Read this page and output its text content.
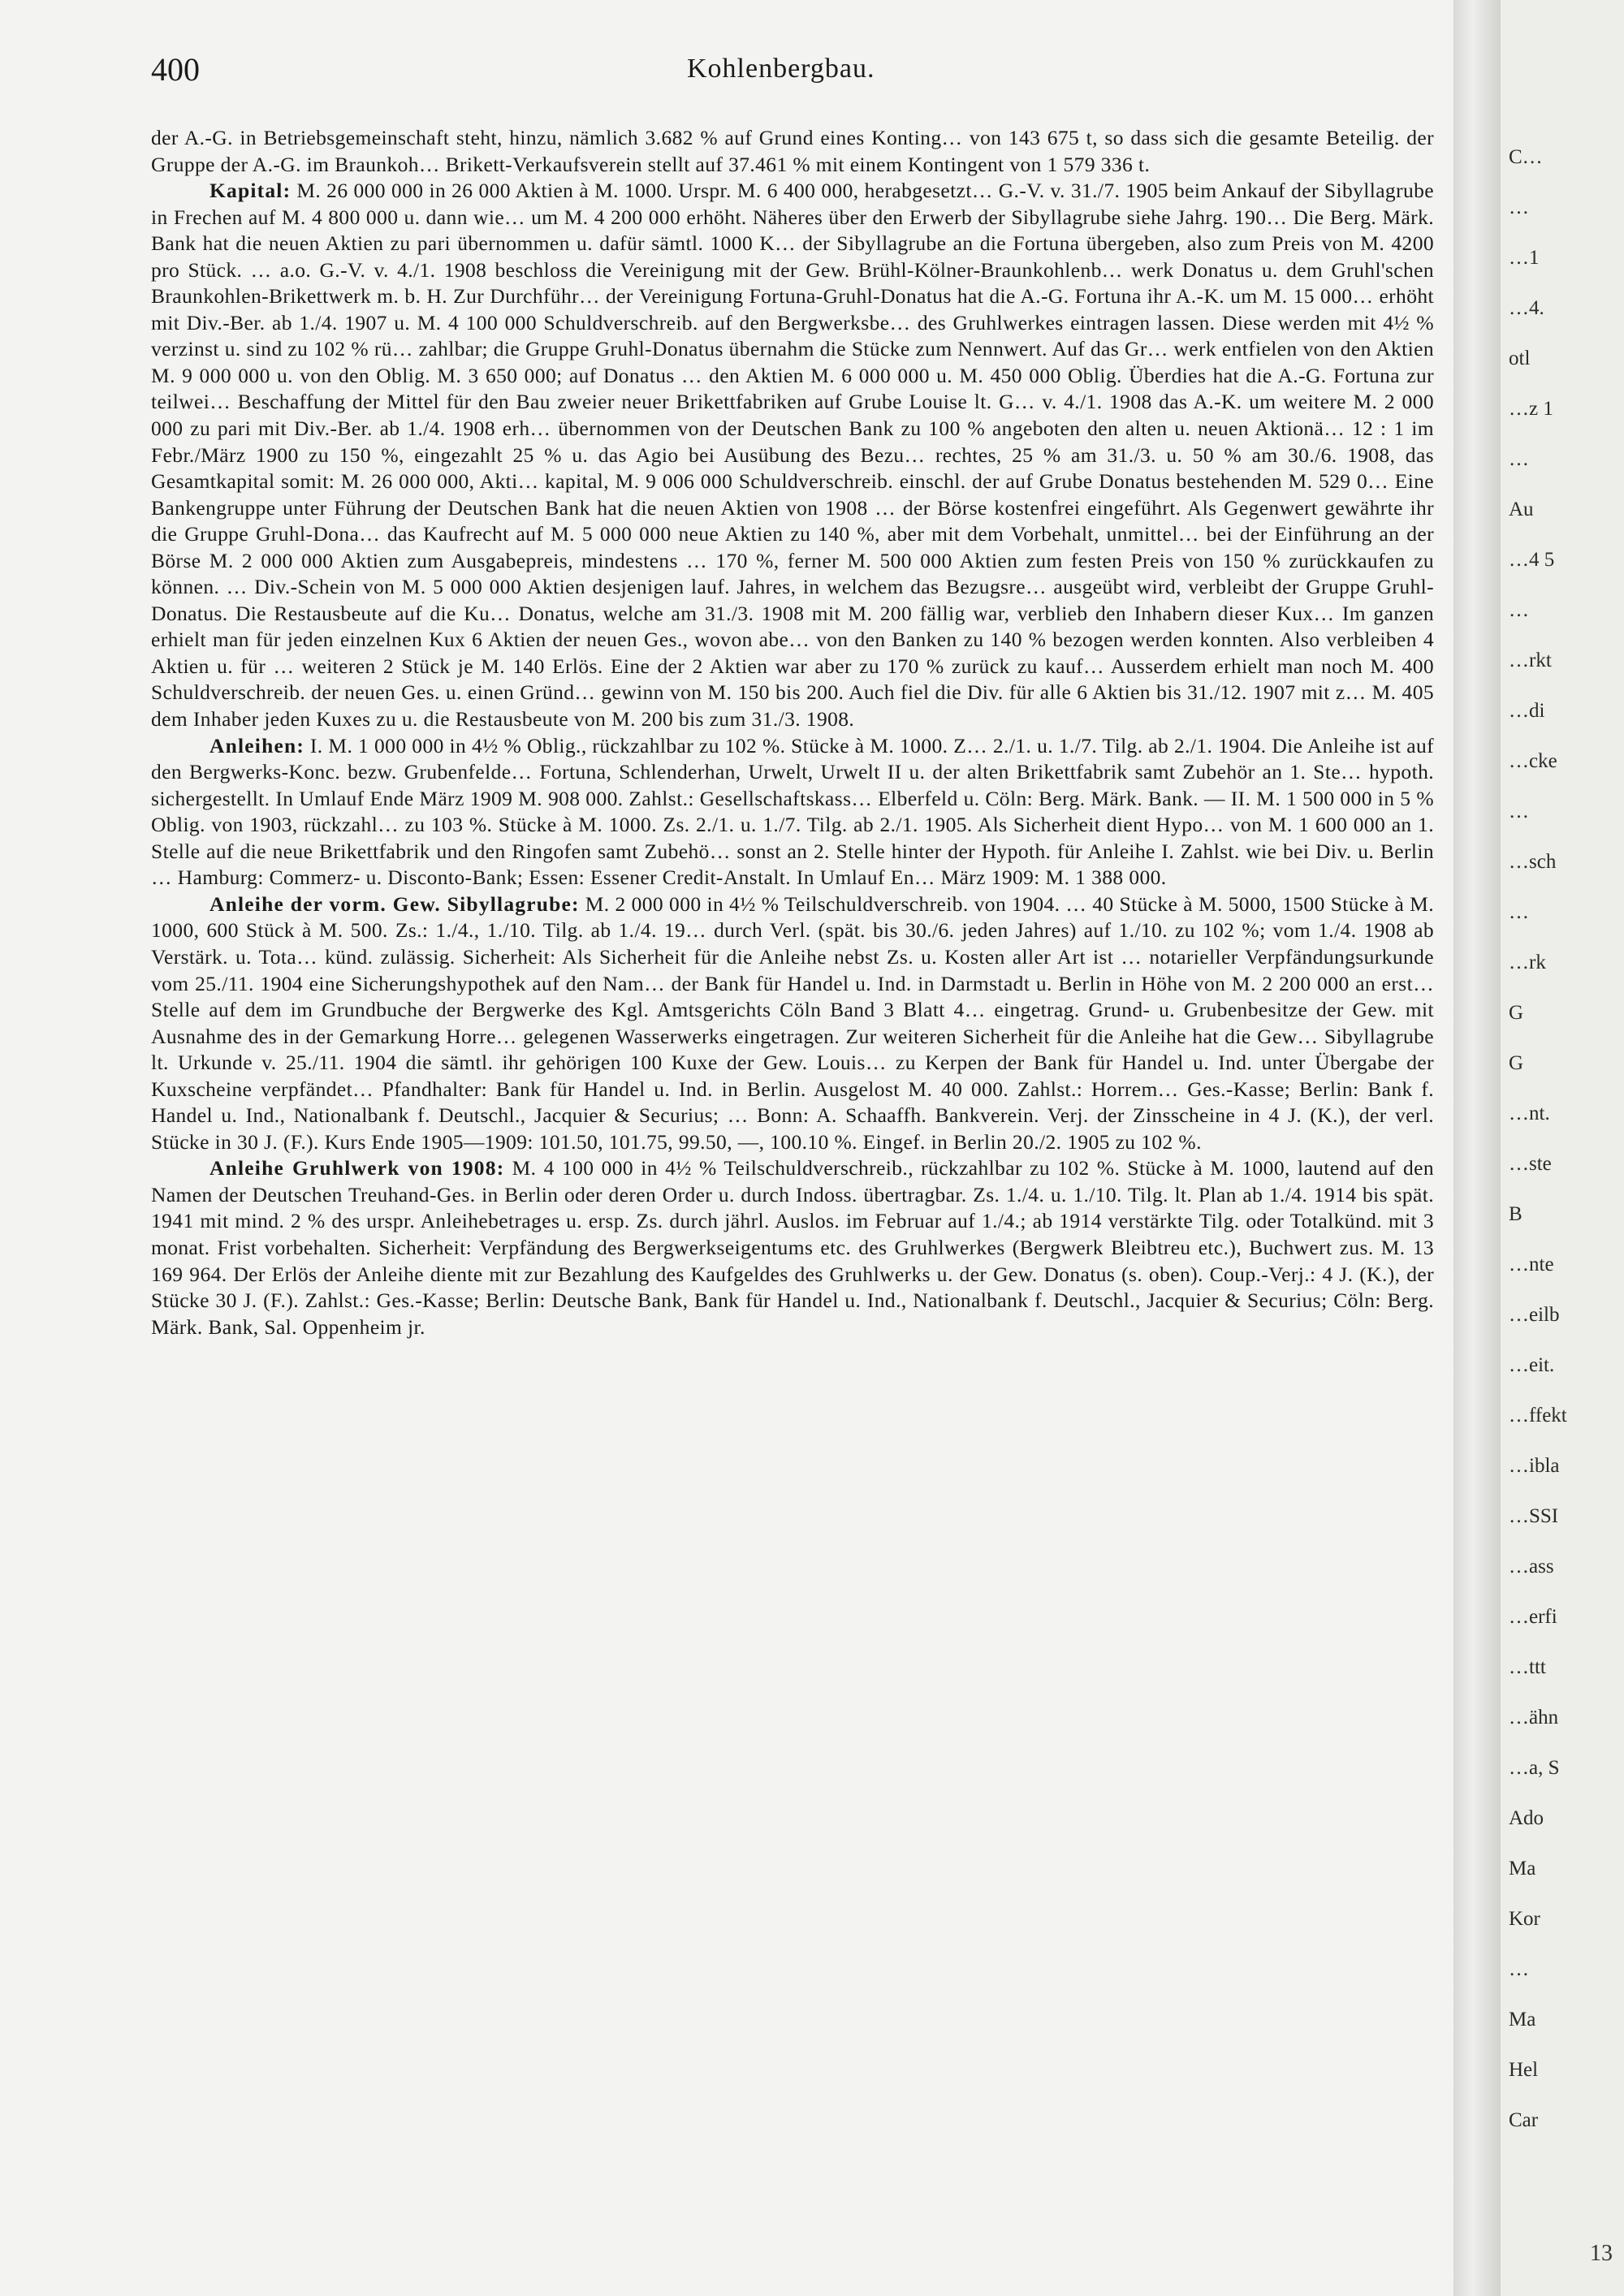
C…
…
…1
…4.
otl
…z 1
…
Au
…4 5
…
…rkt
…di
…cke
…
…sch
…
…rk
G
G
…nt.
…ste
B
…nte
…eilb
…eit.
…ffekt
…ibla
…SSI
…ass
…erfi
…ttt
…ähn
…a, S
Ado
Ma
Kor
…
Ma
Hel
Car
13
400	Kohlenbergbau.

der A.-G. in Betriebsgemeinschaft steht, hinzu, nämlich 3.682 % auf Grund eines Konting… von 143 675 t, so dass sich die gesamte Beteilig. der Gruppe der A.-G. im Braunkoh… Brikett-Verkaufsverein stellt auf 37.461 % mit einem Kontingent von 1 579 336 t.

Kapital: M. 26 000 000 in 26 000 Aktien à M. 1000. Urspr. M. 6 400 000, herabgesetzt… G.-V. v. 31./7. 1905 beim Ankauf der Sibyllagrube in Frechen auf M. 4 800 000 u. dann wie… um M. 4 200 000 erhöht. Näheres über den Erwerb der Sibyllagrube siehe Jahrg. 190… Die Berg. Märk. Bank hat die neuen Aktien zu pari übernommen u. dafür sämtl. 1000 K… der Sibyllagrube an die Fortuna übergeben, also zum Preis von M. 4200 pro Stück. … a.o. G.-V. v. 4./1. 1908 beschloss die Vereinigung mit der Gew. Brühl-Kölner-Braunkohlenb… werk Donatus u. dem Gruhl'schen Braunkohlen-Brikettwerk m. b. H. Zur Durchführ… der Vereinigung Fortuna-Gruhl-Donatus hat die A.-G. Fortuna ihr A.-K. um M. 15 000… erhöht mit Div.-Ber. ab 1./4. 1907 u. M. 4 100 000 Schuldverschreib. auf den Bergwerksbe… des Gruhlwerkes eintragen lassen. Diese werden mit 4½ % verzinst u. sind zu 102 % rü… zahlbar; die Gruppe Gruhl-Donatus übernahm die Stücke zum Nennwert. Auf das Gr… werk entfielen von den Aktien M. 9 000 000 u. von den Oblig. M. 3 650 000; auf Donatus … den Aktien M. 6 000 000 u. M. 450 000 Oblig. Überdies hat die A.-G. Fortuna zur teilwei… Beschaffung der Mittel für den Bau zweier neuer Brikettfabriken auf Grube Louise lt. G… v. 4./1. 1908 das A.-K. um weitere M. 2 000 000 zu pari mit Div.-Ber. ab 1./4. 1908 erh… übernommen von der Deutschen Bank zu 100 % angeboten den alten u. neuen Aktionä… 12 : 1 im Febr./März 1900 zu 150 %, eingezahlt 25 % u. das Agio bei Ausübung des Bezu… rechtes, 25 % am 31./3. u. 50 % am 30./6. 1908, das Gesamtkapital somit: M. 26 000 000, Akti… kapital, M. 9 006 000 Schuldverschreib. einschl. der auf Grube Donatus bestehenden M. 529 0… Eine Bankengruppe unter Führung der Deutschen Bank hat die neuen Aktien von 1908 … der Börse kostenfrei eingeführt. Als Gegenwert gewährte ihr die Gruppe Gruhl-Dona… das Kaufrecht auf M. 5 000 000 neue Aktien zu 140 %, aber mit dem Vorbehalt, unmittel… bei der Einführung an der Börse M. 2 000 000 Aktien zum Ausgabepreis, mindestens … 170 %, ferner M. 500 000 Aktien zum festen Preis von 150 % zurückkaufen zu können. … Div.-Schein von M. 5 000 000 Aktien desjenigen lauf. Jahres, in welchem das Bezugsre… ausgeübt wird, verbleibt der Gruppe Gruhl-Donatus. Die Restausbeute auf die Ku… Donatus, welche am 31./3. 1908 mit M. 200 fällig war, verblieb den Inhabern dieser Kux… Im ganzen erhielt man für jeden einzelnen Kux 6 Aktien der neuen Ges., wovon abe… von den Banken zu 140 % bezogen werden konnten. Also verbleiben 4 Aktien u. für … weiteren 2 Stück je M. 140 Erlös. Eine der 2 Aktien war aber zu 170 % zurück zu kauf… Ausserdem erhielt man noch M. 400 Schuldverschreib. der neuen Ges. u. einen Gründ… gewinn von M. 150 bis 200. Auch fiel die Div. für alle 6 Aktien bis 31./12. 1907 mit z… M. 405 dem Inhaber jeden Kuxes zu u. die Restausbeute von M. 200 bis zum 31./3. 1908.

Anleihen: I. M. 1 000 000 in 4½ % Oblig., rückzahlbar zu 102 %. Stücke à M. 1000. Z… 2./1. u. 1./7. Tilg. ab 2./1. 1904. Die Anleihe ist auf den Bergwerks-Konc. bezw. Grubenfelde… Fortuna, Schlenderhan, Urwelt, Urwelt II u. der alten Brikettfabrik samt Zubehör an 1. Ste… hypoth. sichergestellt. In Umlauf Ende März 1909 M. 908 000. Zahlst.: Gesellschaftskass… Elberfeld u. Cöln: Berg. Märk. Bank. — II. M. 1 500 000 in 5 % Oblig. von 1903, rückzahl… zu 103 %. Stücke à M. 1000. Zs. 2./1. u. 1./7. Tilg. ab 2./1. 1905. Als Sicherheit dient Hypo… von M. 1 600 000 an 1. Stelle auf die neue Brikettfabrik und den Ringofen samt Zubehö… sonst an 2. Stelle hinter der Hypoth. für Anleihe I. Zahlst. wie bei Div. u. Berlin … Hamburg: Commerz- u. Disconto-Bank; Essen: Essener Credit-Anstalt. In Umlauf En… März 1909: M. 1 388 000.

Anleihe der vorm. Gew. Sibyllagrube: M. 2 000 000 in 4½ % Teilschuldverschreib. von 1904. … 40 Stücke à M. 5000, 1500 Stücke à M. 1000, 600 Stück à M. 500. Zs.: 1./4., 1./10. Tilg. ab 1./4. 19… durch Verl. (spät. bis 30./6. jeden Jahres) auf 1./10. zu 102 %; vom 1./4. 1908 ab Verstärk. u. Tota… künd. zulässig. Sicherheit: Als Sicherheit für die Anleihe nebst Zs. u. Kosten aller Art ist … notarieller Verpfändungsurkunde vom 25./11. 1904 eine Sicherungshypothek auf den Nam… der Bank für Handel u. Ind. in Darmstadt u. Berlin in Höhe von M. 2 200 000 an erst… Stelle auf dem im Grundbuche der Bergwerke des Kgl. Amtsgerichts Cöln Band 3 Blatt 4… eingetrag. Grund- u. Grubenbesitze der Gew. mit Ausnahme des in der Gemarkung Horre… gelegenen Wasserwerks eingetragen. Zur weiteren Sicherheit für die Anleihe hat die Gew… Sibyllagrube lt. Urkunde v. 25./11. 1904 die sämtl. ihr gehörigen 100 Kuxe der Gew. Louis… zu Kerpen der Bank für Handel u. Ind. unter Übergabe der Kuxscheine verpfändet… Pfandhalter: Bank für Handel u. Ind. in Berlin. Ausgelost M. 40 000. Zahlst.: Horrem… Ges.-Kasse; Berlin: Bank f. Handel u. Ind., Nationalbank f. Deutschl., Jacquier & Securius; … Bonn: A. Schaaffh. Bankverein. Verj. der Zinsscheine in 4 J. (K.), der verl. Stücke in 30 J. (F.). Kurs Ende 1905—1909: 101.50, 101.75, 99.50, —, 100.10 %. Eingef. in Berlin 20./2. 1905 zu 102 %.

Anleihe Gruhlwerk von 1908: M. 4 100 000 in 4½ % Teilschuldverschreib., rückzahlbar zu 102 %. Stücke à M. 1000, lautend auf den Namen der Deutschen Treuhand-Ges. in Berlin oder deren Order u. durch Indoss. übertragbar. Zs. 1./4. u. 1./10. Tilg. lt. Plan ab 1./4. 1914 bis spät. 1941 mit mind. 2 % des urspr. Anleihebetrages u. ersp. Zs. durch jährl. Auslos. im Februar auf 1./4.; ab 1914 verstärkte Tilg. oder Totalkünd. mit 3 monat. Frist vorbehalten. Sicherheit: Verpfändung des Bergwerkseigentums etc. des Gruhlwerkes (Bergwerk Bleibtreu etc.), Buchwert zus. M. 13 169 964. Der Erlös der Anleihe diente mit zur Bezahlung des Kaufgeldes des Gruhlwerks u. der Gew. Donatus (s. oben). Coup.-Verj.: 4 J. (K.), der Stücke 30 J. (F.). Zahlst.: Ges.-Kasse; Berlin: Deutsche Bank, Bank für Handel u. Ind., Nationalbank f. Deutschl., Jacquier & Securius; Cöln: Berg. Märk. Bank, Sal. Oppenheim jr.
